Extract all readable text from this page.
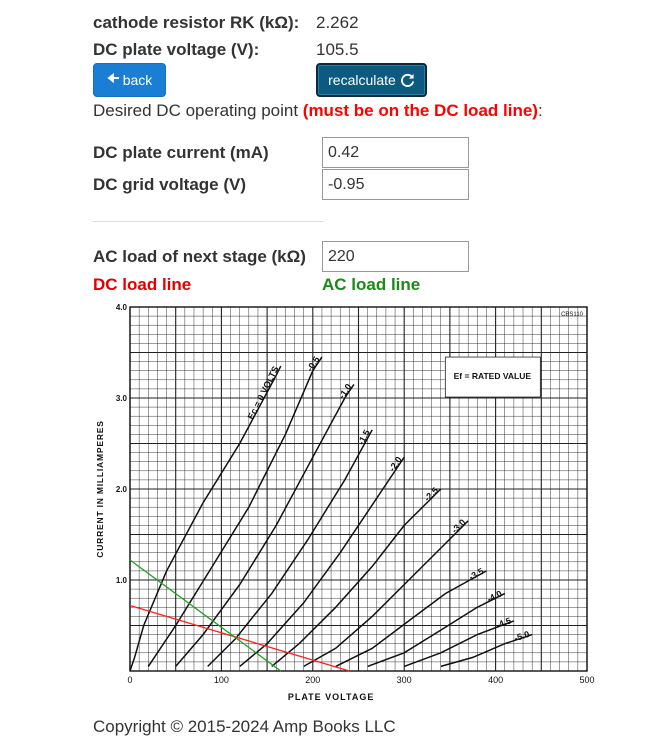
cathode resistor RK (kΩ): 2.262
DC plate voltage (V):	105.5
🠈 back	recalculate
Desired DC operating point (must be on the DC load line):
DC plate current (mA)
0.42
DC grid voltage (V)
-0.95
AC load of next stage (kΩ)
220
DC load line	AC load line
Ef = RATED VALUE
CBS110
Ec = 0 VOLTS
-0.5
-1.0
-1.5
-2.0
-2.5
-3.0
-3.5
-4.0
-4.5
-5.0
0	100	200	300	400	500
1.0
2.0
3.0
4.0
PLATE VOLTAGE
CURRENT IN MILLIAMPERES
Copyright © 2015-2024 Amp Books LLC
